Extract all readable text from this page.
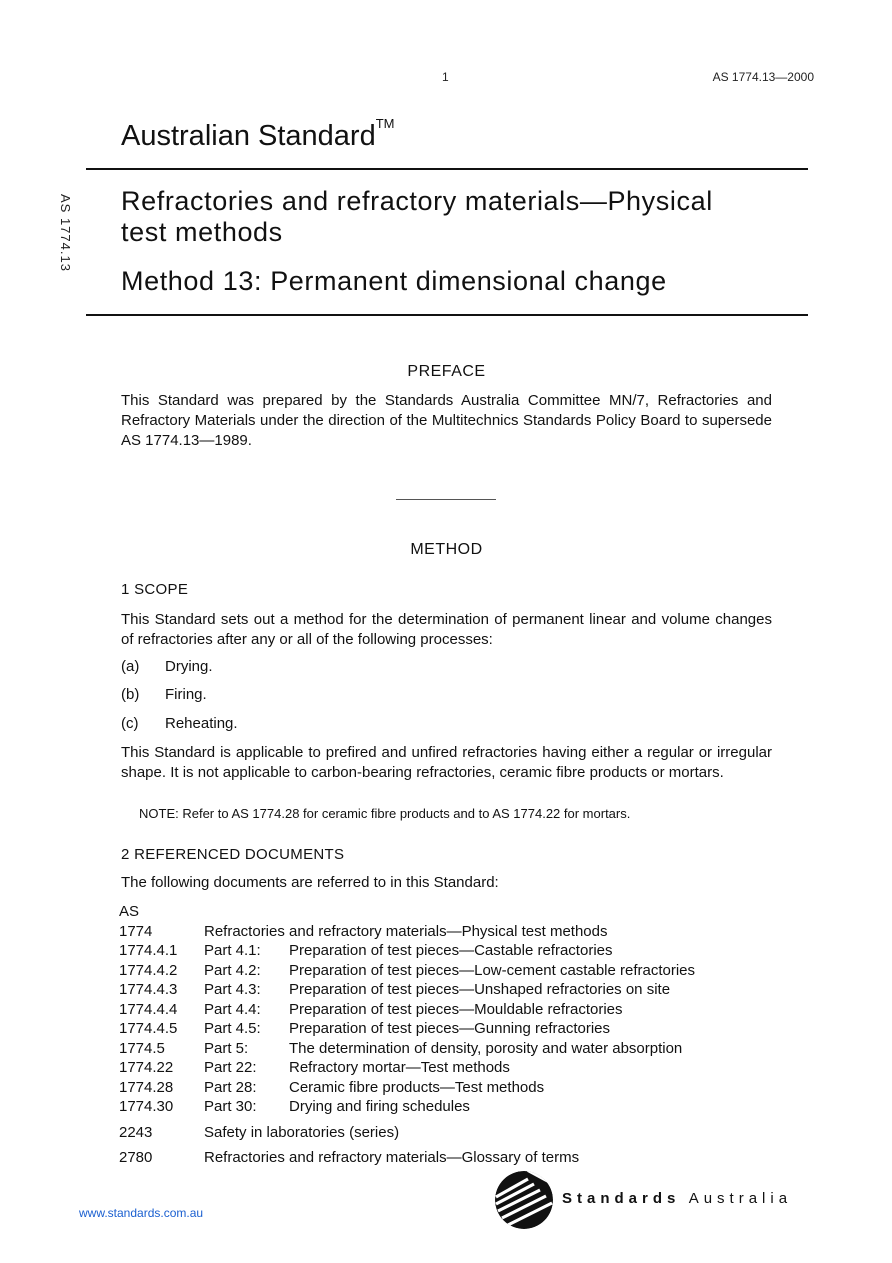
1	AS 1774.13—2000
AS 1774.13
Australian Standard™
Refractories and refractory materials—Physical
test methods
Method 13: Permanent dimensional change
PREFACE
This Standard was prepared by the Standards Australia Committee MN/7, Refractories and Refractory Materials under the direction of the Multitechnics Standards Policy Board to supersede AS 1774.13—1989.
METHOD
1 SCOPE
This Standard sets out a method for the determination of permanent linear and volume changes of refractories after any or all of the following processes:
(a) Drying.
(b) Firing.
(c) Reheating.
This Standard is applicable to prefired and unfired refractories having either a regular or irregular shape. It is not applicable to carbon-bearing refractories, ceramic fibre products or mortars.
NOTE: Refer to AS 1774.28 for ceramic fibre products and to AS 1774.22 for mortars.
2 REFERENCED DOCUMENTS
The following documents are referred to in this Standard:
AS
1774	Refractories and refractory materials—Physical test methods
1774.4.1 Part 4.1: Preparation of test pieces—Castable refractories
1774.4.2 Part 4.2: Preparation of test pieces—Low-cement castable refractories
1774.4.3 Part 4.3: Preparation of test pieces—Unshaped refractories on site
1774.4.4 Part 4.4: Preparation of test pieces—Mouldable refractories
1774.4.5 Part 4.5: Preparation of test pieces—Gunning refractories
1774.5	Part 5:	The determination of density, porosity and water absorption
1774.22 Part 22: Refractory mortar—Test methods
1774.28 Part 28: Ceramic fibre products—Test methods
1774.30 Part 30: Drying and firing schedules
2243	Safety in laboratories (series)
2780	Refractories and refractory materials—Glossary of terms
www.standards.com.au
Standards Australia
